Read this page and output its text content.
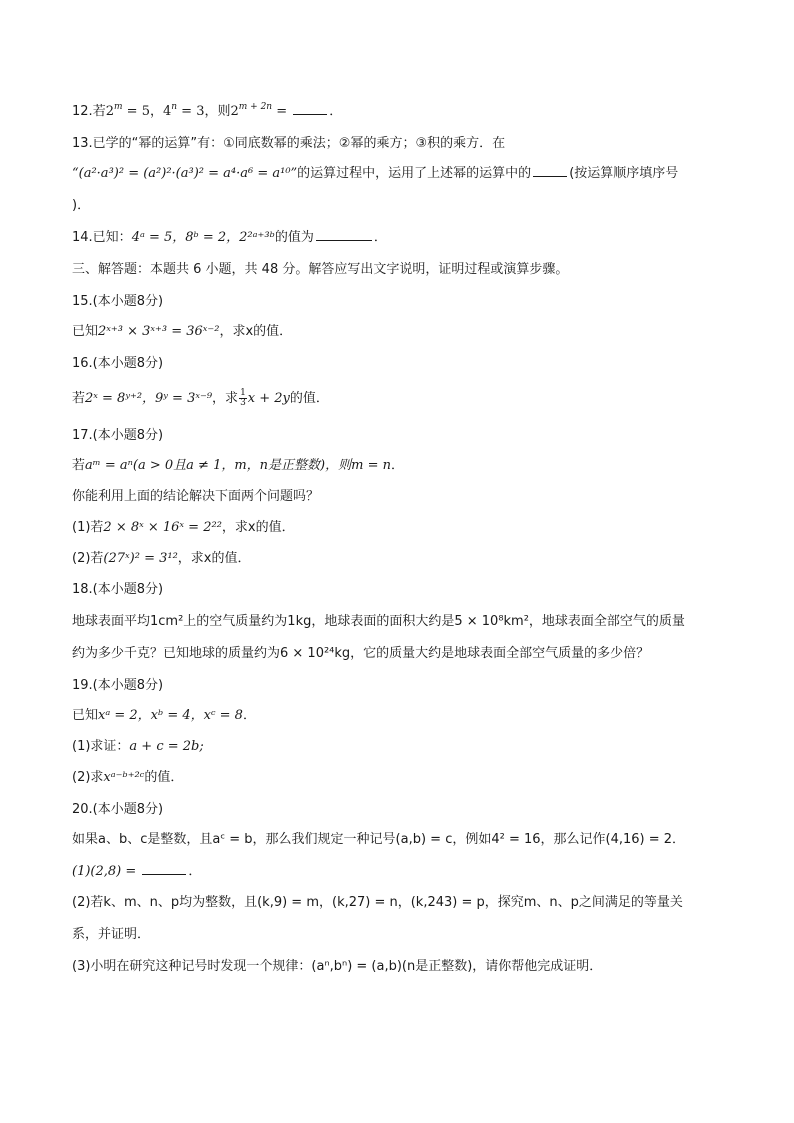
12.若$2^m = 5$，$4^n = 3$，则$2^{m + 2n}$ =	．
13.已学的“幂的运算”有：①同底数幂的乘法；②幂的乘方；③积的乘方．在
“(a²·a³)² = (a²)²·(a³)² = a⁴·a⁶ = a¹⁰”的运算过程中，运用了上述幂的运算中的	(按运算顺序填序号
)．
14.已知：4ᵃ = 5，8ᵇ = 2，2²ᵃ⁺³ᵇ的值为	．
三、解答题：本题共 6 小题，共 48 分。解答应写出文字说明，证明过程或演算步骤。
15.(本小题8分)
已知2ˣ⁺³ × 3ˣ⁺³ = 36ˣ⁻²，求x的值．
16.(本小题8分)
若2ˣ = 8ʸ⁺²，9ʸ = 3ˣ⁻⁹，求 $\frac{1}{3}$ x + 2y的值．
17.(本小题8分)
若aᵐ = aⁿ(a > 0且a ≠ 1，m，n是正整数)，则m = n．
你能利用上面的结论解决下面两个问题吗？
(1)若2 × 8ˣ × 16ˣ = 2²²，求x的值．
(2)若(27ˣ)² = 3¹²，求x的值．
18.(本小题8分)
地球表面平均1cm²上的空气质量约为1kg，地球表面的面积大约是5 × 10⁸km²，地球表面全部空气的质量
约为多少千克？已知地球的质量约为6 × 10²⁴kg，它的质量大约是地球表面全部空气质量的多少倍？
19.(本小题8分)
已知xᵃ = 2，xᵇ = 4，xᶜ = 8．
(1)求证：a + c = 2b;
(2)求xᵃ⁻ᵇ⁺²ᶜ的值．
20.(本小题8分)
如果a、b、c是整数，且aᶜ = b，那么我们规定一种记号(a,b) = c，例如4² = 16，那么记作(4,16) = 2．
(1)(2,8) =	．
(2)若k、m、n、p均为整数，且(k,9) = m，(k,27) = n，(k,243) = p，探究m、n、p之间满足的等量关
系，并证明．
(3)小明在研究这种记号时发现一个规律：(aⁿ,bⁿ) = (a,b)(n是正整数)，请你帮他完成证明．
